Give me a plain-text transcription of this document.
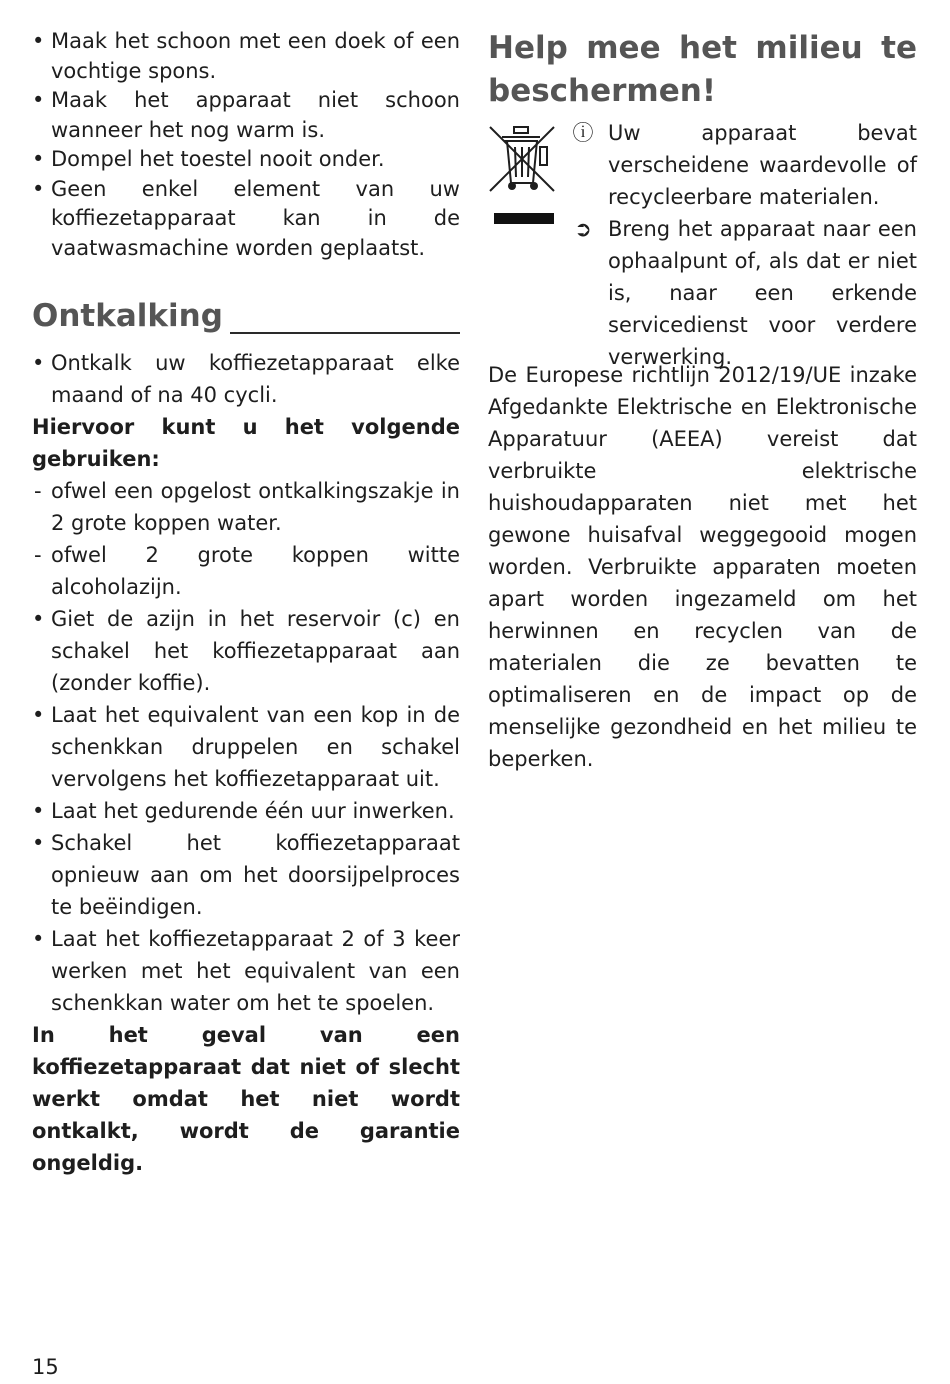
• Maak het schoon met een doek of een vochtige spons.
• Maak het apparaat niet schoon wanneer het nog warm is.
• Dompel het toestel nooit onder.
• Geen enkel element van uw koffiezetapparaat kan in de vaatwasmachine worden geplaatst.
Ontkalking
• Ontkalk uw koffiezetapparaat elke maand of na 40 cycli.

Hiervoor kunt u het volgende gebruiken:

- ofwel een opgelost ontkalkingszakje in 2 grote koppen water.
- ofwel 2 grote koppen witte alcoholazijn.
• Giet de azijn in het reservoir (c) en schakel het koffiezetapparaat aan (zonder koffie).
• Laat het equivalent van een kop in de schenkkan druppelen en schakel vervolgens het koffiezetapparaat uit.
• Laat het gedurende één uur inwerken.
• Schakel het koffiezetapparaat opnieuw aan om het doorsijpelproces te beëindigen.
• Laat het koffiezetapparaat 2 of 3 keer werken met het equivalent van een schenkkan water om het te spoelen.

In het geval van een koffiezetapparaat dat niet of slecht werkt omdat het niet wordt ontkalkt, wordt de garantie ongeldig.

Help mee het milieu te beschermen!

ⓘ
➲

Uw apparaat bevat verscheidene waardevolle of recycleerbare materialen.

Breng het apparaat naar een ophaalpunt of, als dat er niet is, naar een erkende servicedienst voor verdere verwerking.

De Europese richtlijn 2012/19/UE inzake Afgedankte Elektrische en Elektronische Apparatuur (AEEA) vereist dat verbruikte elektrische huishoudapparaten niet met het gewone huisafval weggegooid mogen worden. Verbruikte apparaten moeten apart worden ingezameld om het herwinnen en recyclen van de materialen die ze bevatten te optimaliseren en de impact op de menselijke gezondheid en het milieu te beperken.

15
